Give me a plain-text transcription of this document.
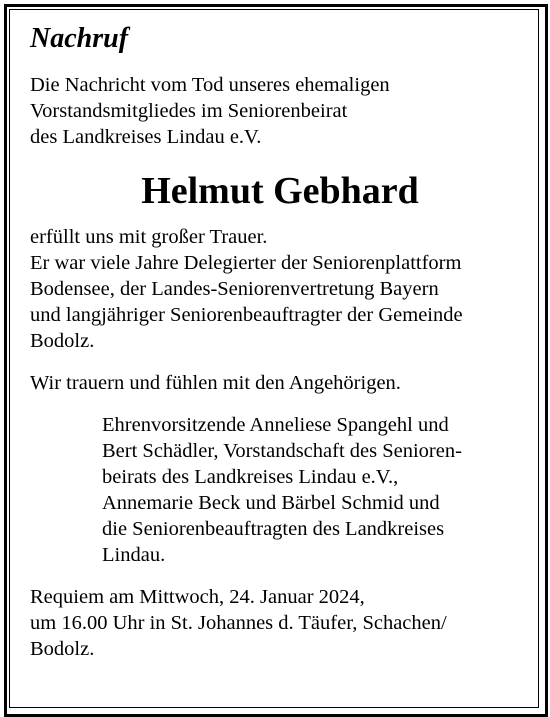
Nachruf
Die Nachricht vom Tod unseres ehemaligen
Vorstandsmitgliedes im Seniorenbeirat
des Landkreises Lindau e.V.
Helmut Gebhard
erfüllt uns mit großer Trauer.
Er war viele Jahre Delegierter der Seniorenplattform
Bodensee, der Landes-Seniorenvertretung Bayern
und langjähriger Seniorenbeauftragter der Gemeinde
Bodolz.
Wir trauern und fühlen mit den Angehörigen.
Ehrenvorsitzende Anneliese Spangehl und
Bert Schädler, Vorstandschaft des Senioren-
beirats des Landkreises Lindau e.V.,
Annemarie Beck und Bärbel Schmid und
die Seniorenbeauftragten des Landkreises
Lindau.
Requiem am Mittwoch, 24. Januar 2024,
um 16.00 Uhr in St. Johannes d. Täufer, Schachen/
Bodolz.
